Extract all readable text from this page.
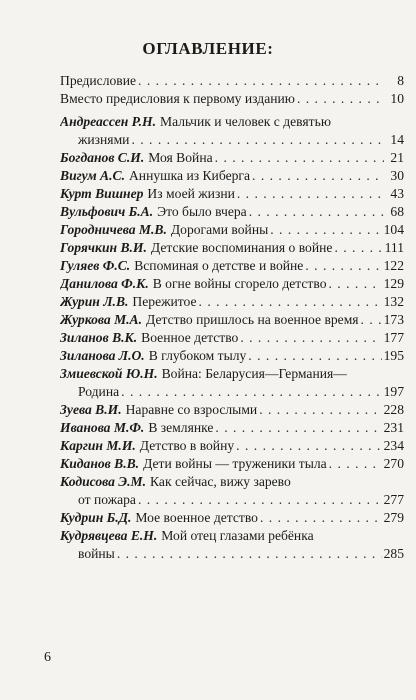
ОГЛАВЛЕНИЕ:
Предисловие . . .	8
Вместо предисловия к первому изданию . . .	10
Андреассен Р.Н. Мальчик и человек с девятью
жизнями . . .	14
Богданов С.И. Моя Война . . .	21
Вигум А.С. Аннушка из Киберга . . .	30
Курт Вишнер Из моей жизни . . .	43
Вульфович Б.А. Это было вчера . . .	68
Городничева М.В. Дорогами войны . . .	104
Горячкин В.И. Детские воспоминания о войне . . .	111
Гуляев Ф.С. Вспоминая о детстве и войне . . .	122
Данилова Ф.К. В огне войны сгорело детство . . .	129
Журин Л.В. Пережитое . . .	132
Журкова М.А. Детство пришлось на военное время . . . 173
Зиланов В.К. Военное детство . . .	177
Зиланова Л.О. В глубоком тылу . . .	195
Змиевской Ю.Н. Война: Беларусия—Германия—
Родина . . .	197
Зуева В.И. Наравне со взрослыми . . .	228
Иванова М.Ф. В землянке . . .	231
Каргин М.И. Детство в войну . . .	234
Киданов В.В. Дети войны — труженики тыла . . .	270
Кодисова Э.М. Как сейчас, вижу зарево
от пожара . . .	277
Кудрин Б.Д. Мое военное детство . . .	279
Кудрявцева Е.Н. Мой отец глазами ребёнка
войны . . .	285
6
